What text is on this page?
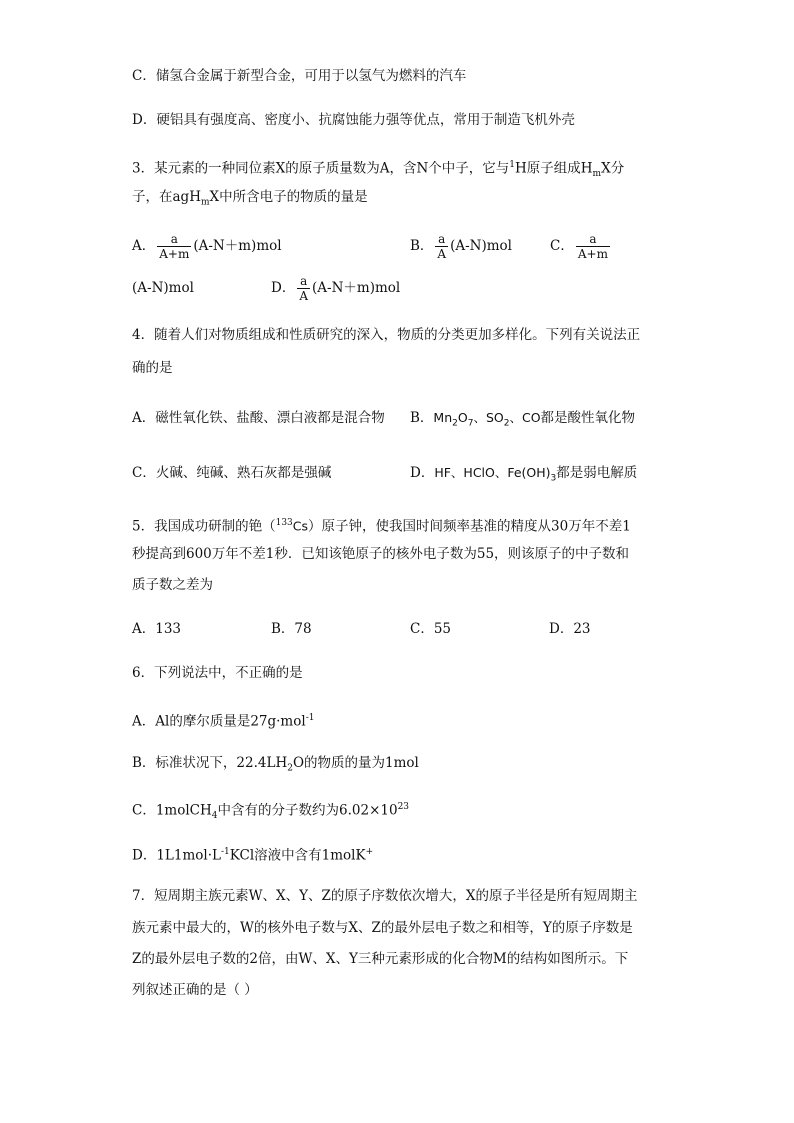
C．储氢合金属于新型合金，可用于以氢气为燃料的汽车
D．硬铝具有强度高、密度小、抗腐蚀能力强等优点，常用于制造飞机外壳
3．某元素的一种同位素X的原子质量数为A，含N个中子，它与$^1$H原子组成$H_mX$分
子，在agH$_m$X中所含电子的物质的量是
A． $\frac{a}{A+m} (A-N+m)mol$	B． $\frac{a}{A} (A-N)mol$	C． $\frac{a}{A+m}$
(A-N)mol	D． $\frac{a}{A} (A-N+m)mol$
4．随着人们对物质组成和性质研究的深入，物质的分类更加多样化。下列有关说法正
确的是
A．磁性氧化铁、盐酸、漂白液都是混合物 B．$Mn_2O_7$、$SO_2$、CO都是酸性氧化物
C．火碱、纯碱、熟石灰都是强碱	D．HF、HClO、$Fe(OH)_3$都是弱电解质
5．我国成功研制的铯（$^{133}$Cs）原子钟，使我国时间频率基准的精度从30万年不差1
秒提高到600万年不差1秒．已知该铯原子的核外电子数为55，则该原子的中子数和
质子数之差为
A．133	B．78	C．55	D．23
6．下列说法中，不正确的是
A．Al的摩尔质量是27g·mol$^{-1}$
B．标准状况下，$22.4LH_2O$的物质的量为1mol
C．1molCH$_4$中含有的分子数约为$6.02\times 10^{23}$
D．$1L1mol\cdot L^{-1}KCl$溶液中含有1molK+
7．短周期主族元素W、X、Y、Z的原子序数依次增大，X的原子半径是所有短周期主
族元素中最大的，W的核外电子数与X、Z的最外层电子数之和相等，Y的原子序数是
Z的最外层电子数的2倍，由W、X、Y三种元素形成的化合物M的结构如图所示。下
列叙述正确的是（ ）
